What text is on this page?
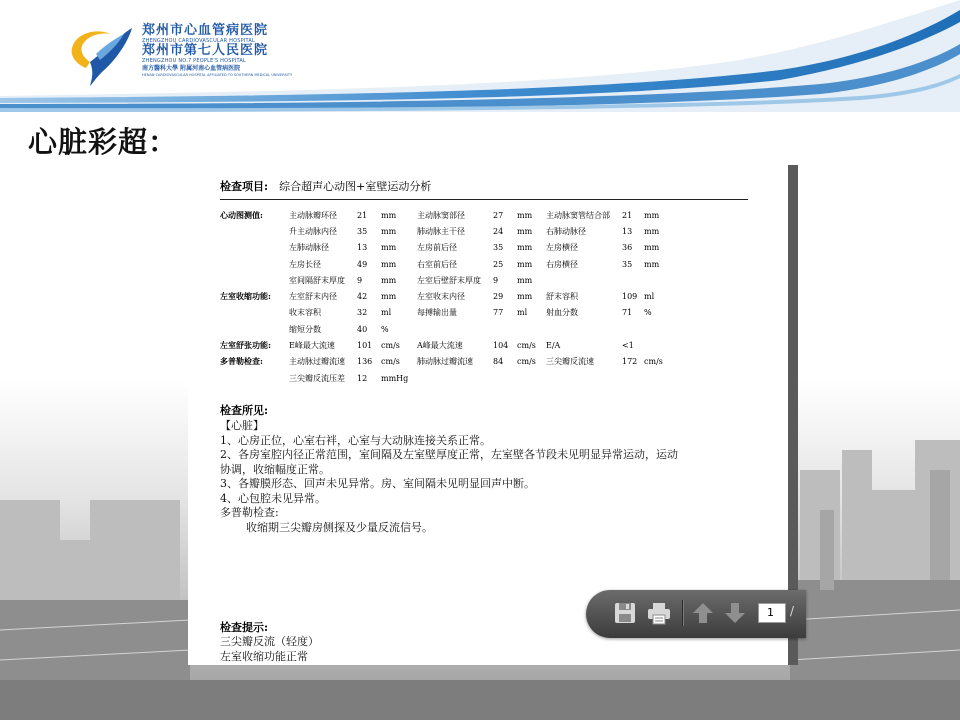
郑州市心血管病医院
ZHENGZHOU CARDIOVASCULAR HOSPITAL
郑州市第七人民医院
ZHENGZHOU NO.7 PEOPLE'S HOSPITAL
南方醫科大學 附属河南心血管病医院
HENAN CARDIOVASCULAR HOSPITAL AFFILIATED TO SOUTHERN MEDICAL UNIVERSITY
心脏彩超：
检查项目: 综合超声心动图+室壁运动分析
心动图测值:	主动脉瓣环径	21	mm	主动脉窦部径	27	mm	主动脉窦管结合部	21	mm
	升主动脉内径	35	mm	肺动脉主干径	24	mm	右肺动脉径	13	mm
	左肺动脉径	13	mm	左房前后径	35	mm	左房横径	36	mm
	左房长径	49	mm	右室前后径	25	mm	右房横径	35	mm
	室间隔舒末厚度	9	mm	左室后壁舒末厚度	9	mm			
左室收缩功能:	左室舒末内径	42	mm	左室收末内径	29	mm	舒末容积	109	ml
	收末容积	32	ml	每搏输出量	77	ml	射血分数	71	%
	缩短分数	40	%						
左室舒张功能:	E峰最大流速	101	cm/s	A峰最大流速	104	cm/s	E/A	<1	
多普勒检查:	主动脉过瓣流速	136	cm/s	肺动脉过瓣流速	84	cm/s	三尖瓣反流速	172	cm/s
	三尖瓣反流压差	12	mmHg						
检查所见:
【心脏】
1、心房正位，心室右袢，心室与大动脉连接关系正常。
2、各房室腔内径正常范围，室间隔及左室壁厚度正常，左室壁各节段未见明显异常运动，运动
协调，收缩幅度正常。
3、各瓣膜形态、回声未见异常。房、室间隔未见明显回声中断。
4、心包腔未见异常。
多普勒检查:
收缩期三尖瓣房侧探及少量反流信号。
检查提示:
三尖瓣反流（轻度）
左室收缩功能正常
1	/
